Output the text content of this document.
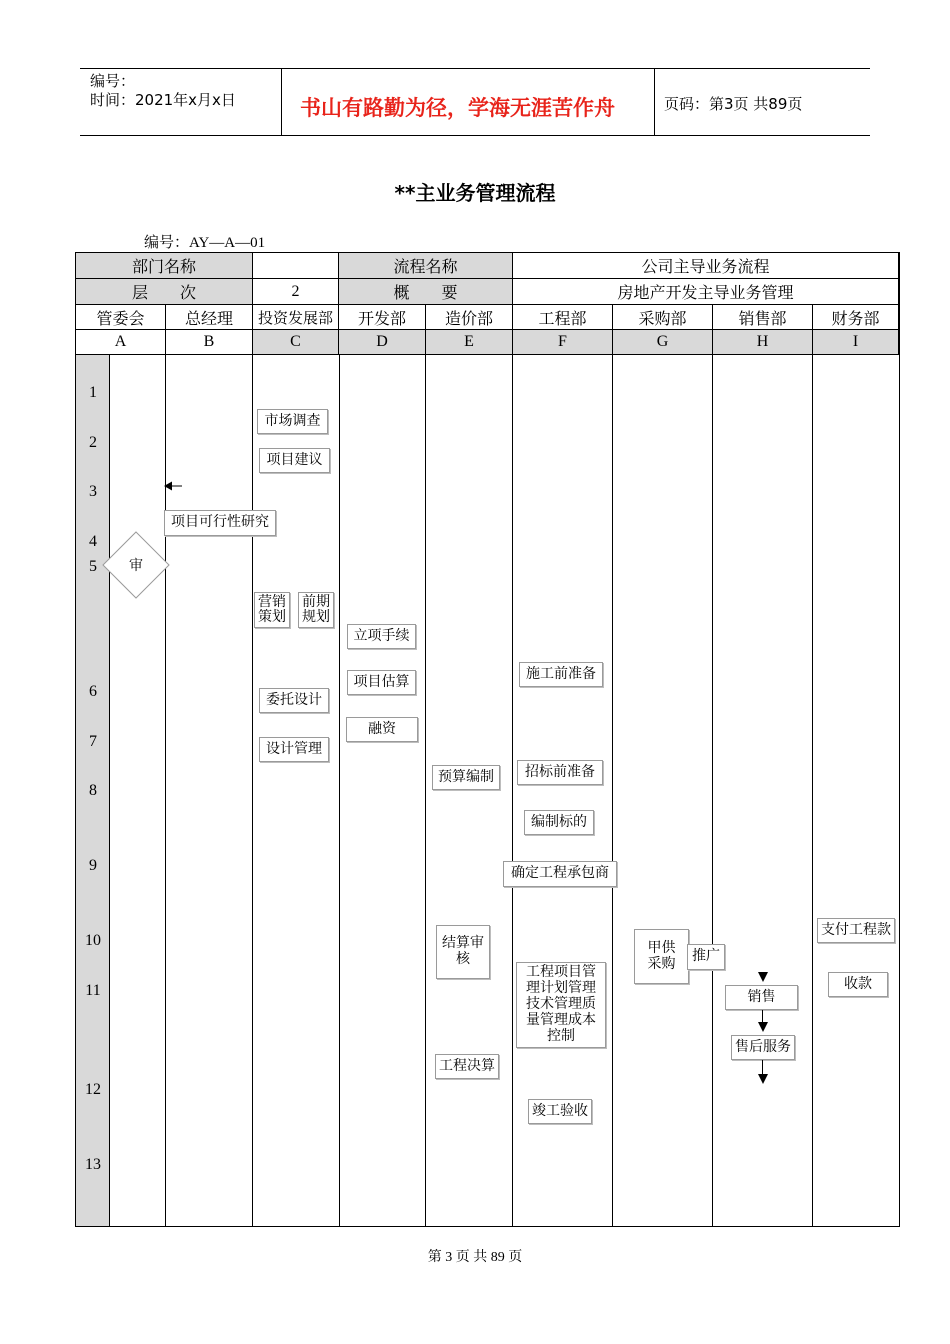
编号：
时间：2021年x月x日	书山有路勤为径，学海无涯苦作舟	页码：第3页 共89页
**主业务管理流程
编号：AY—A—01
部门名称	流程名称	公司主导业务流程
层　　次	2	概　　要	房地产开发主导业务管理
管委会	总经理	投资发展部	开发部	造价部	工程部	采购部	销售部	财务部
A	B	C	D	E	F	G	H	I
1
2
3
4
5
6
7
8
9
10
11
12
13
审
市场调查
项目建议
项目可行性研究
营销策划
前期规划
委托设计
设计管理
立项手续
项目估算
融资
预算编制
结算审核
工程决算
施工前准备
招标前准备
编制标的
确定工程承包商
工程项目管理计划管理技术管理质量管理成本控制
竣工验收
甲供采购	推广
销售
售后服务
支付工程款
收款
第 3 页 共 89 页
